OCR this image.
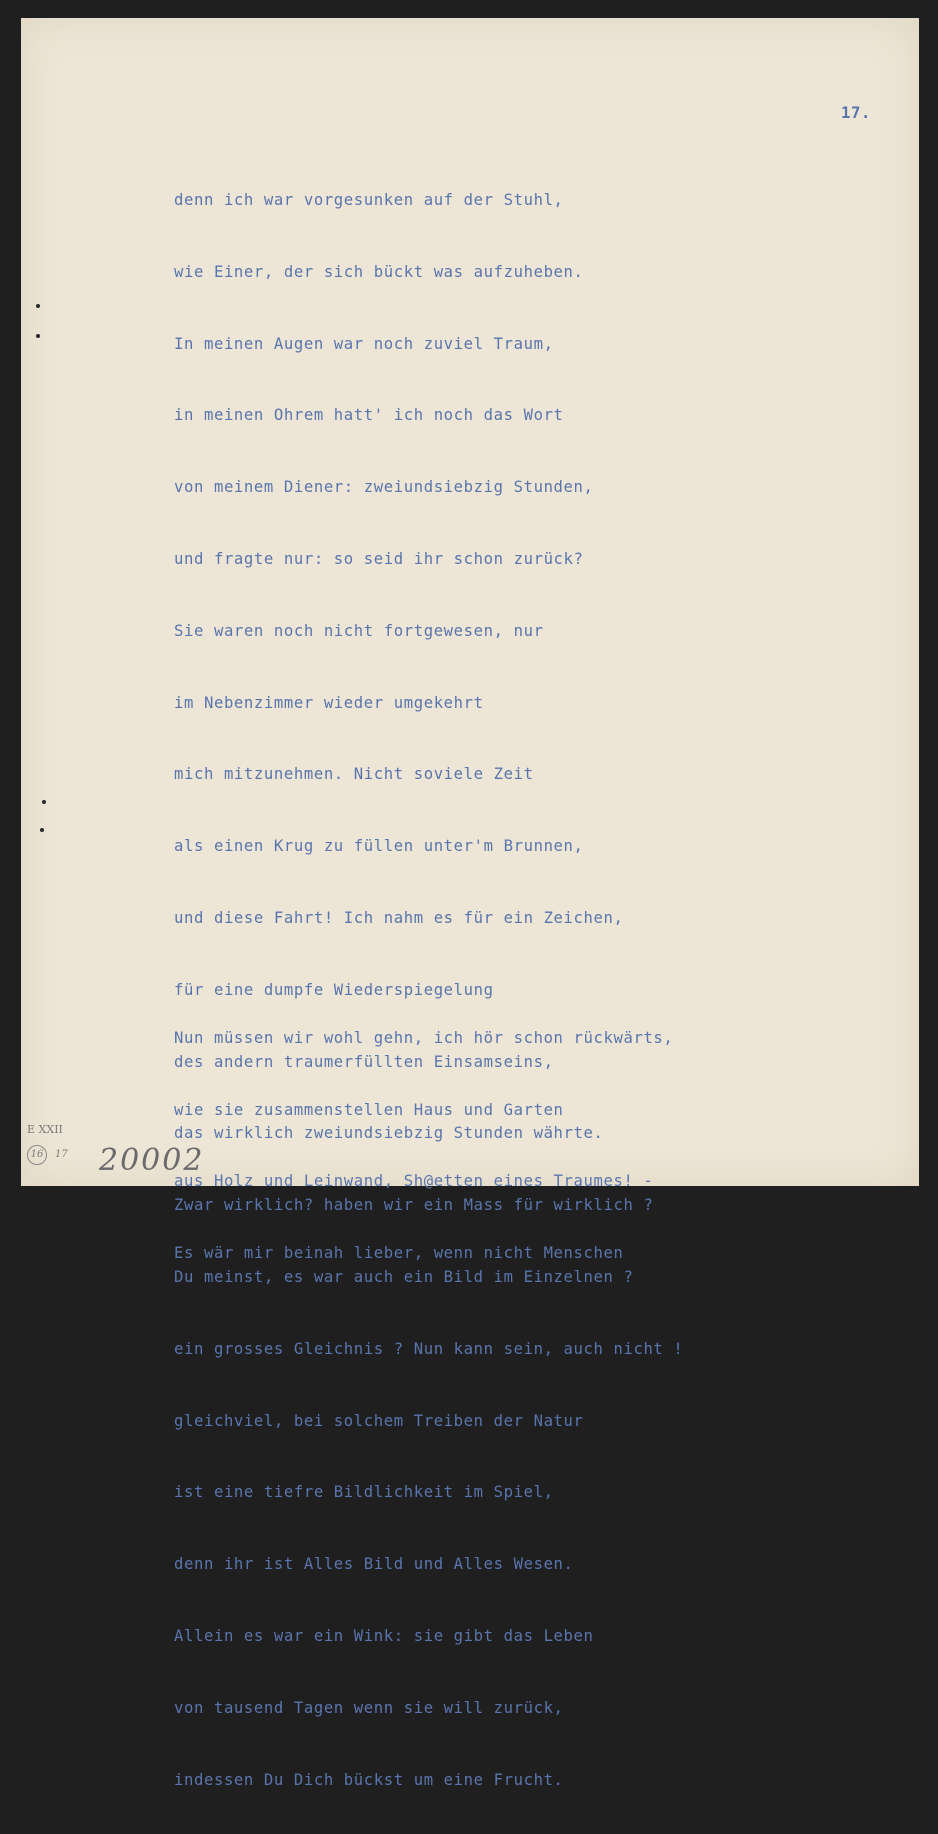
17.

denn ich war vorgesunken auf der Stuhl,

wie Einer, der sich bückt was aufzuheben.

In meinen Augen war noch zuviel Traum,

in meinen Ohrem hatt' ich noch das Wort

von meinem Diener: zweiundsiebzig Stunden,

und fragte nur: so seid ihr schon zurück?

Sie waren noch nicht fortgewesen, nur

im Nebenzimmer wieder umgekehrt

mich mitzunehmen. Nicht soviele Zeit

als einen Krug zu füllen unter'm Brunnen,

und diese Fahrt! Ich nahm es für ein Zeichen,

für eine dumpfe Wiederspiegelung

des andern traumerfüllten Einsamseins,

das wirklich zweiundsiebzig Stunden währte.

Zwar wirklich? haben wir ein Mass für wirklich ?

Du meinst, es war auch ein Bild im Einzelnen ?

ein grosses Gleichnis ? Nun kann sein, auch nicht !

gleichviel, bei solchem Treiben der Natur

ist eine tiefre Bildlichkeit im Spiel,

denn ihr ist Alles Bild und Alles Wesen.

Allein es war ein Wink: sie gibt das Leben

von tausend Tagen wenn sie will zurück,

indessen Du Dich bückst um eine Frucht.

Nun müssen wir wohl gehn, ich hör schon rückwärts,

wie sie zusammenstellen Haus und Garten

aus Holz und Leinwand, Sh@etten eines Traumes! -

Es wär mir beinah lieber, wenn nicht Menschen

E XXII
16	17 20002
